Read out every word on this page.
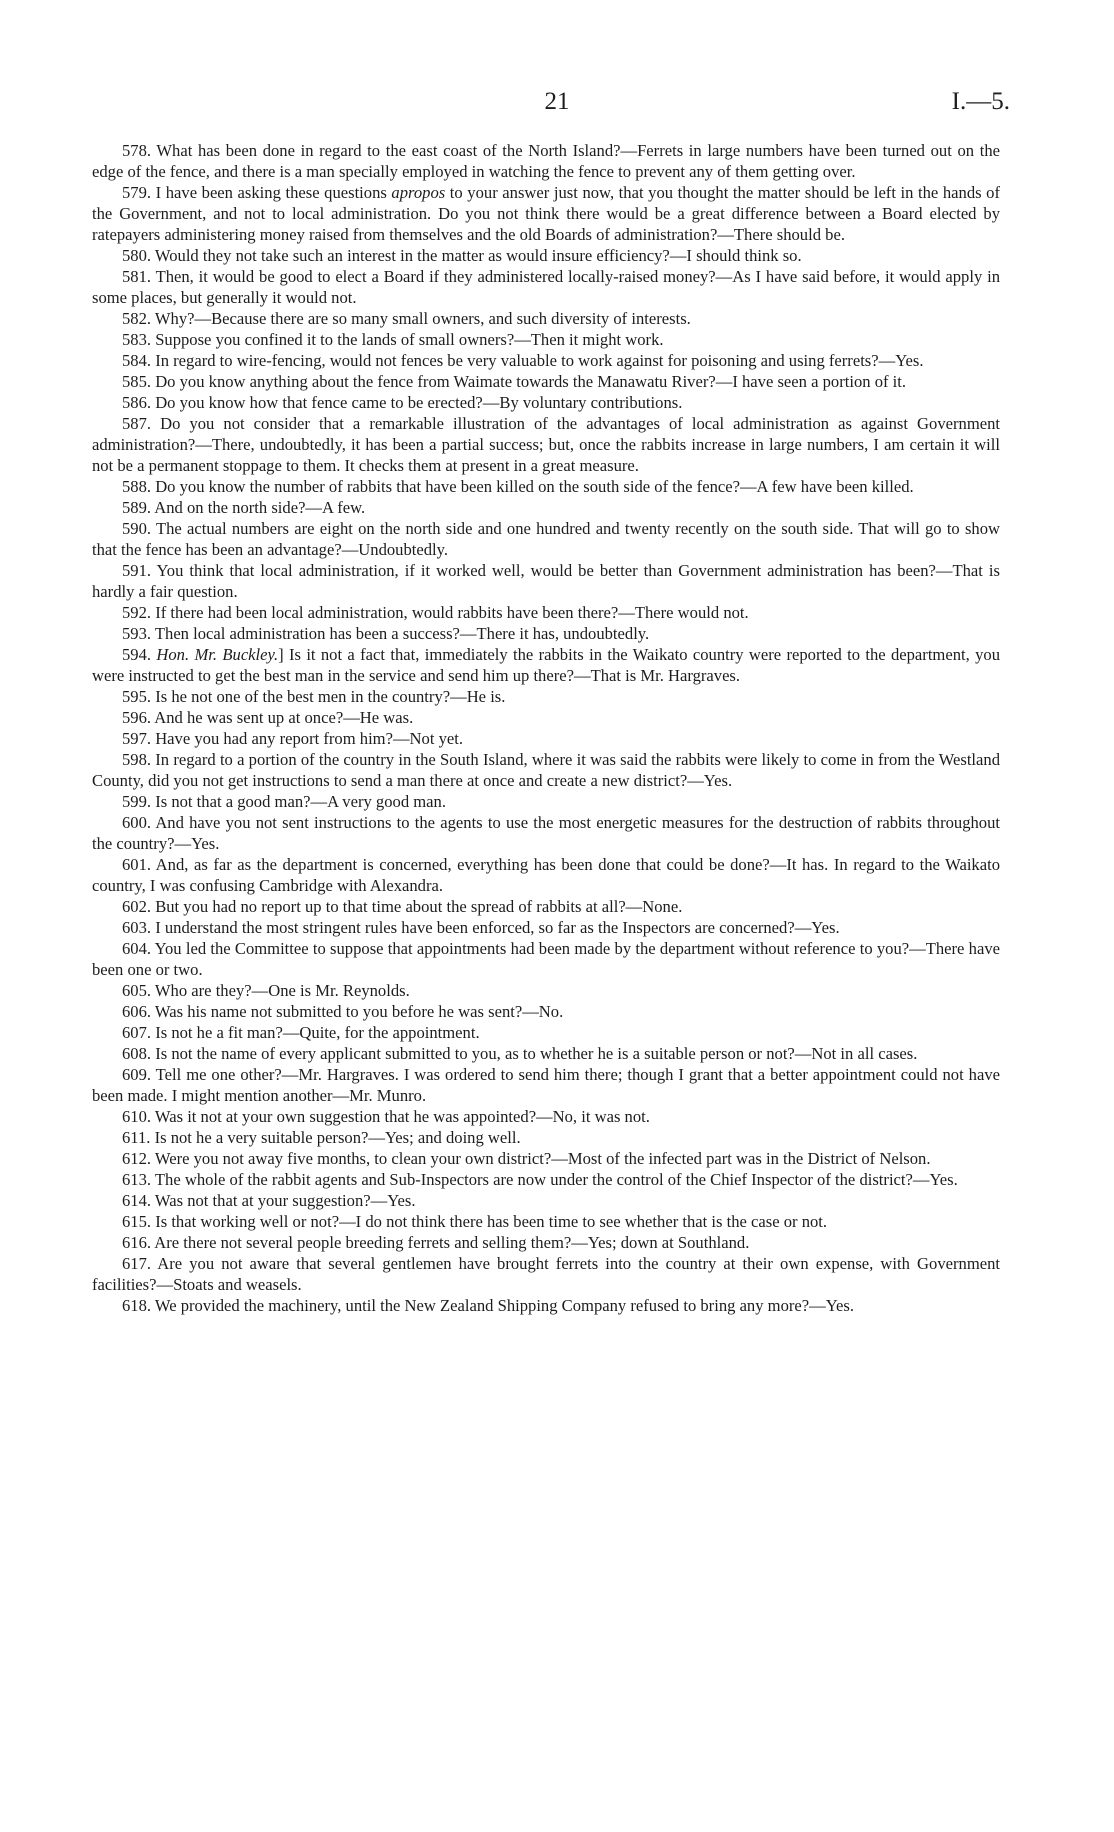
21	I.—5.

578. What has been done in regard to the east coast of the North Island?—Ferrets in large numbers have been turned out on the edge of the fence, and there is a man specially employed in watching the fence to prevent any of them getting over.

579. I have been asking these questions apropos to your answer just now, that you thought the matter should be left in the hands of the Government, and not to local administration. Do you not think there would be a great difference between a Board elected by ratepayers administering money raised from themselves and the old Boards of administration?—There should be.

580. Would they not take such an interest in the matter as would insure efficiency?—I should think so.

581. Then, it would be good to elect a Board if they administered locally-raised money?—As I have said before, it would apply in some places, but generally it would not.

582. Why?—Because there are so many small owners, and such diversity of interests.

583. Suppose you confined it to the lands of small owners?—Then it might work.

584. In regard to wire-fencing, would not fences be very valuable to work against for poisoning and using ferrets?—Yes.

585. Do you know anything about the fence from Waimate towards the Manawatu River?—I have seen a portion of it.

586. Do you know how that fence came to be erected?—By voluntary contributions.

587. Do you not consider that a remarkable illustration of the advantages of local administration as against Government administration?—There, undoubtedly, it has been a partial success; but, once the rabbits increase in large numbers, I am certain it will not be a permanent stoppage to them. It checks them at present in a great measure.

588. Do you know the number of rabbits that have been killed on the south side of the fence?—A few have been killed.

589. And on the north side?—A few.

590. The actual numbers are eight on the north side and one hundred and twenty recently on the south side. That will go to show that the fence has been an advantage?—Undoubtedly.

591. You think that local administration, if it worked well, would be better than Government administration has been?—That is hardly a fair question.

592. If there had been local administration, would rabbits have been there?—There would not.

593. Then local administration has been a success?—There it has, undoubtedly.

594. Hon. Mr. Buckley.] Is it not a fact that, immediately the rabbits in the Waikato country were reported to the department, you were instructed to get the best man in the service and send him up there?—That is Mr. Hargraves.

595. Is he not one of the best men in the country?—He is.

596. And he was sent up at once?—He was.

597. Have you had any report from him?—Not yet.

598. In regard to a portion of the country in the South Island, where it was said the rabbits were likely to come in from the Westland County, did you not get instructions to send a man there at once and create a new district?—Yes.

599. Is not that a good man?—A very good man.

600. And have you not sent instructions to the agents to use the most energetic measures for the destruction of rabbits throughout the country?—Yes.

601. And, as far as the department is concerned, everything has been done that could be done?—It has. In regard to the Waikato country, I was confusing Cambridge with Alexandra.

602. But you had no report up to that time about the spread of rabbits at all?—None.

603. I understand the most stringent rules have been enforced, so far as the Inspectors are concerned?—Yes.

604. You led the Committee to suppose that appointments had been made by the department without reference to you?—There have been one or two.

605. Who are they?—One is Mr. Reynolds.

606. Was his name not submitted to you before he was sent?—No.

607. Is not he a fit man?—Quite, for the appointment.

608. Is not the name of every applicant submitted to you, as to whether he is a suitable person or not?—Not in all cases.

609. Tell me one other?—Mr. Hargraves. I was ordered to send him there; though I grant that a better appointment could not have been made. I might mention another—Mr. Munro.

610. Was it not at your own suggestion that he was appointed?—No, it was not.

611. Is not he a very suitable person?—Yes; and doing well.

612. Were you not away five months, to clean your own district?—Most of the infected part was in the District of Nelson.

613. The whole of the rabbit agents and Sub-Inspectors are now under the control of the Chief Inspector of the district?—Yes.

614. Was not that at your suggestion?—Yes.

615. Is that working well or not?—I do not think there has been time to see whether that is the case or not.

616. Are there not several people breeding ferrets and selling them?—Yes; down at Southland.

617. Are you not aware that several gentlemen have brought ferrets into the country at their own expense, with Government facilities?—Stoats and weasels.

618. We provided the machinery, until the New Zealand Shipping Company refused to bring any more?—Yes.
